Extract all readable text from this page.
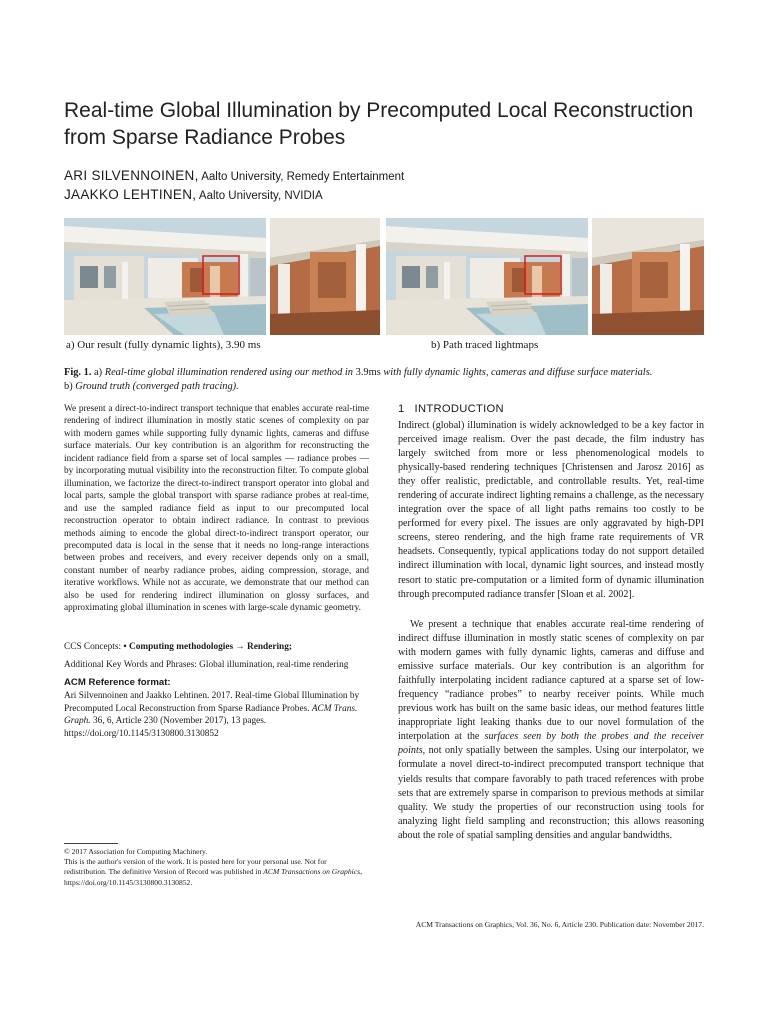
Real-time Global Illumination by Precomputed Local Reconstruction from Sparse Radiance Probes
ARI SILVENNOINEN, Aalto University, Remedy Entertainment
JAAKKO LEHTINEN, Aalto University, NVIDIA
a) Our result (fully dynamic lights), 3.90 ms	b) Path traced lightmaps
Fig. 1. a) Real-time global illumination rendered using our method in 3.9ms with fully dynamic lights, cameras and diffuse surface materials.
b) Ground truth (converged path tracing).

We present a direct-to-indirect transport technique that enables accurate real-time rendering of indirect illumination in mostly static scenes of complexity on par with modern games while supporting fully dynamic lights, cameras and diffuse surface materials. Our key contribution is an algorithm for reconstructing the incident radiance field from a sparse set of local samples — radiance probes — by incorporating mutual visibility into the reconstruction filter. To compute global illumination, we factorize the direct-to-indirect transport operator into global and local parts, sample the global transport with sparse radiance probes at real-time, and use the sampled radiance field as input to our precomputed local reconstruction operator to obtain indirect radiance. In contrast to previous methods aiming to encode the global direct-to-indirect transport operator, our precomputed data is local in the sense that it needs no long-range interactions between probes and receivers, and every receiver depends only on a small, constant number of nearby radiance probes, aiding compression, storage, and iterative workflows. While not as accurate, we demonstrate that our method can also be used for rendering indirect illumination on glossy surfaces, and approximating global illumination in scenes with large-scale dynamic geometry.

CCS Concepts: • Computing methodologies → Rendering;

Additional Key Words and Phrases: Global illumination, real-time rendering

ACM Reference format:

Ari Silvennoinen and Jaakko Lehtinen. 2017. Real-time Global Illumination by Precomputed Local Reconstruction from Sparse Radiance Probes. ACM Trans. Graph. 36, 6, Article 230 (November 2017), 13 pages.
https://doi.org/10.1145/3130800.3130852

© 2017 Association for Computing Machinery.
This is the author's version of the work. It is posted here for your personal use. Not for redistribution. The definitive Version of Record was published in ACM Transactions on Graphics, https://doi.org/10.1145/3130800.3130852.

1 INTRODUCTION

Indirect (global) illumination is widely acknowledged to be a key factor in perceived image realism. Over the past decade, the film industry has largely switched from more or less phenomenological models to physically-based rendering techniques [Christensen and Jarosz 2016] as they offer realistic, predictable, and controllable results. Yet, real-time rendering of accurate indirect lighting remains a challenge, as the necessary integration over the space of all light paths remains too costly to be performed for every pixel. The issues are only aggravated by high-DPI screens, stereo rendering, and the high frame rate requirements of VR headsets. Consequently, typical applications today do not support detailed indirect illumination with local, dynamic light sources, and instead mostly resort to static pre-computation or a limited form of dynamic illumination through precomputed radiance transfer [Sloan et al. 2002].

We present a technique that enables accurate real-time rendering of indirect diffuse illumination in mostly static scenes of complexity on par with modern games with fully dynamic lights, cameras and diffuse and emissive surface materials. Our key contribution is an algorithm for faithfully interpolating incident radiance captured at a sparse set of low-frequency “radiance probes” to nearby receiver points. While much previous work has built on the same basic ideas, our method features little inappropriate light leaking thanks due to our novel formulation of the interpolation at the surfaces seen by both the probes and the receiver points, not only spatially between the samples. Using our interpolator, we formulate a novel direct-to-indirect precomputed transport technique that yields results that compare favorably to path traced references with probe sets that are extremely sparse in comparison to previous methods at similar quality. We study the properties of our reconstruction using tools for analyzing light field sampling and reconstruction; this allows reasoning about the role of spatial sampling densities and angular bandwidths.

ACM Transactions on Graphics, Vol. 36, No. 6, Article 230. Publication date: November 2017.
